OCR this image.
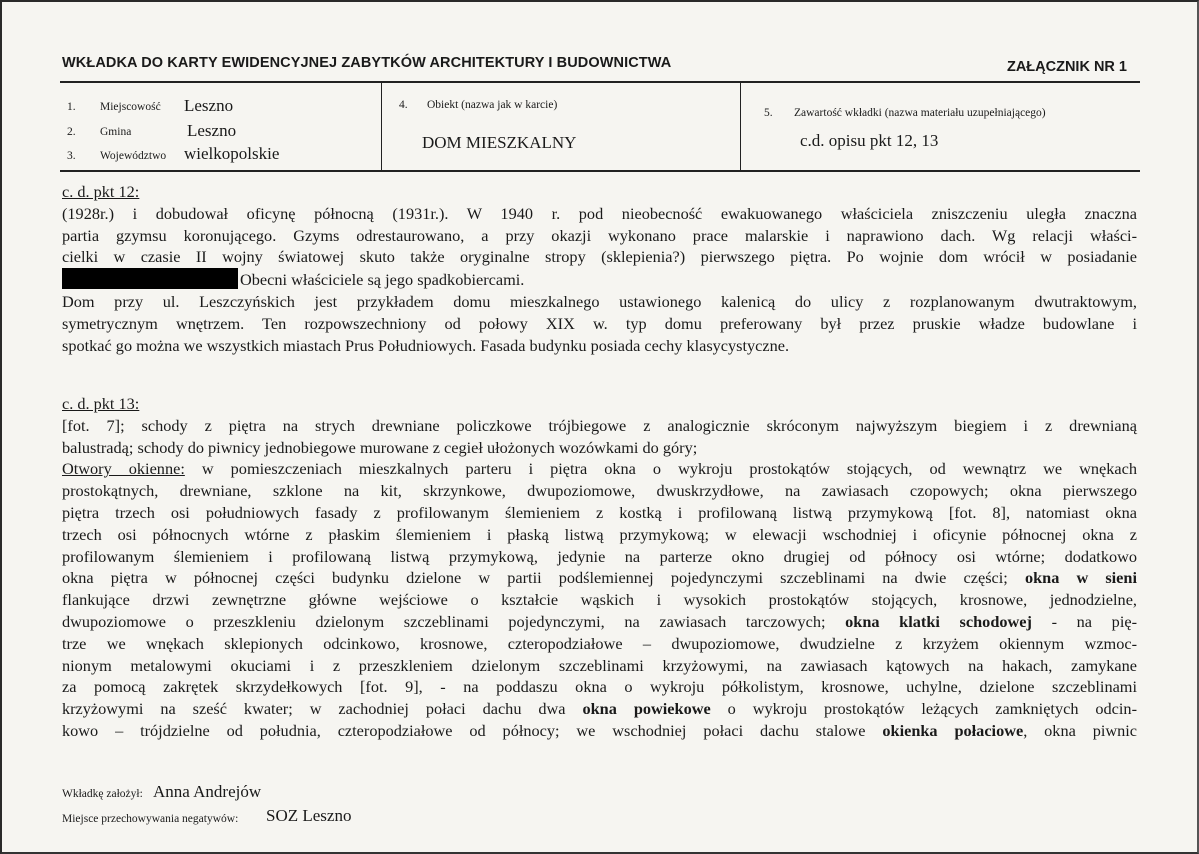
WKŁADKA DO KARTY EWIDENCYJNEJ ZABYTKÓW ARCHITEKTURY I BUDOWNICTWA	ZAŁĄCZNIK NR 1
1. Miejscowość Leszno
2. Gmina	Leszno
3. Województwo wielkopolskie
4. Obiekt (nazwa jak w karcie)
DOM MIESZKALNY
5. Zawartość wkładki (nazwa materiału uzupełniającego)
c.d. opisu pkt 12, 13
c. d. pkt 12:
(1928r.) i dobudował oficynę północną (1931r.). W 1940 r. pod nieobecność ewakuowanego właściciela zniszczeniu uległa znaczna
partia gzymsu koronującego. Gzyms odrestaurowano, a przy okazji wykonano prace malarskie i naprawiono dach. Wg relacji właści-
cielki w czasie II wojny światowej skuto także oryginalne stropy (sklepienia?) pierwszego piętra. Po wojnie dom wrócił w posiadanie
Obecni właściciele są jego spadkobiercami.
Dom przy ul. Leszczyńskich jest przykładem domu mieszkalnego ustawionego kalenicą do ulicy z rozplanowanym dwutraktowym,
symetrycznym wnętrzem. Ten rozpowszechniony od połowy XIX w. typ domu preferowany był przez pruskie władze budowlane i
spotkać go można we wszystkich miastach Prus Południowych. Fasada budynku posiada cechy klasycystyczne.
c. d. pkt 13:
[fot. 7]; schody z piętra na strych drewniane policzkowe trójbiegowe z analogicznie skróconym najwyższym biegiem i z drewnianą
balustradą; schody do piwnicy jednobiegowe murowane z cegieł ułożonych wozówkami do góry;
Otwory okienne: w pomieszczeniach mieszkalnych parteru i piętra okna o wykroju prostokątów stojących, od wewnątrz we wnękach
prostokątnych, drewniane, szklone na kit, skrzynkowe, dwupoziomowe, dwuskrzydłowe, na zawiasach czopowych; okna pierwszego
piętra trzech osi południowych fasady z profilowanym ślemieniem z kostką i profilowaną listwą przymykową [fot. 8], natomiast okna
trzech osi północnych wtórne z płaskim ślemieniem i płaską listwą przymykową; w elewacji wschodniej i oficynie północnej okna z
profilowanym ślemieniem i profilowaną listwą przymykową, jedynie na parterze okno drugiej od północy osi wtórne; dodatkowo
okna piętra w północnej części budynku dzielone w partii podślemiennej pojedynczymi szczeblinami na dwie części; okna w sieni
flankujące drzwi zewnętrzne główne wejściowe o kształcie wąskich i wysokich prostokątów stojących, krosnowe, jednodzielne,
dwupoziomowe o przeszkleniu dzielonym szczeblinami pojedynczymi, na zawiasach tarczowych; okna klatki schodowej - na pię-
trze we wnękach sklepionych odcinkowo, krosnowe, czteropodziałowe – dwupoziomowe, dwudzielne z krzyżem okiennym wzmoc-
nionym metalowymi okuciami i z przeszkleniem dzielonym szczeblinami krzyżowymi, na zawiasach kątowych na hakach, zamykane
za pomocą zakrętek skrzydełkowych [fot. 9], - na poddaszu okna o wykroju półkolistym, krosnowe, uchylne, dzielone szczeblinami
krzyżowymi na sześć kwater; w zachodniej połaci dachu dwa okna powiekowe o wykroju prostokątów leżących zamkniętych odcin-
kowo – trójdzielne od południa, czteropodziałowe od północy; we wschodniej połaci dachu stalowe okienka połaciowe, okna piwnic
Wkładkę założył: Anna Andrejów
Miejsce przechowywania negatywów: SOZ Leszno
